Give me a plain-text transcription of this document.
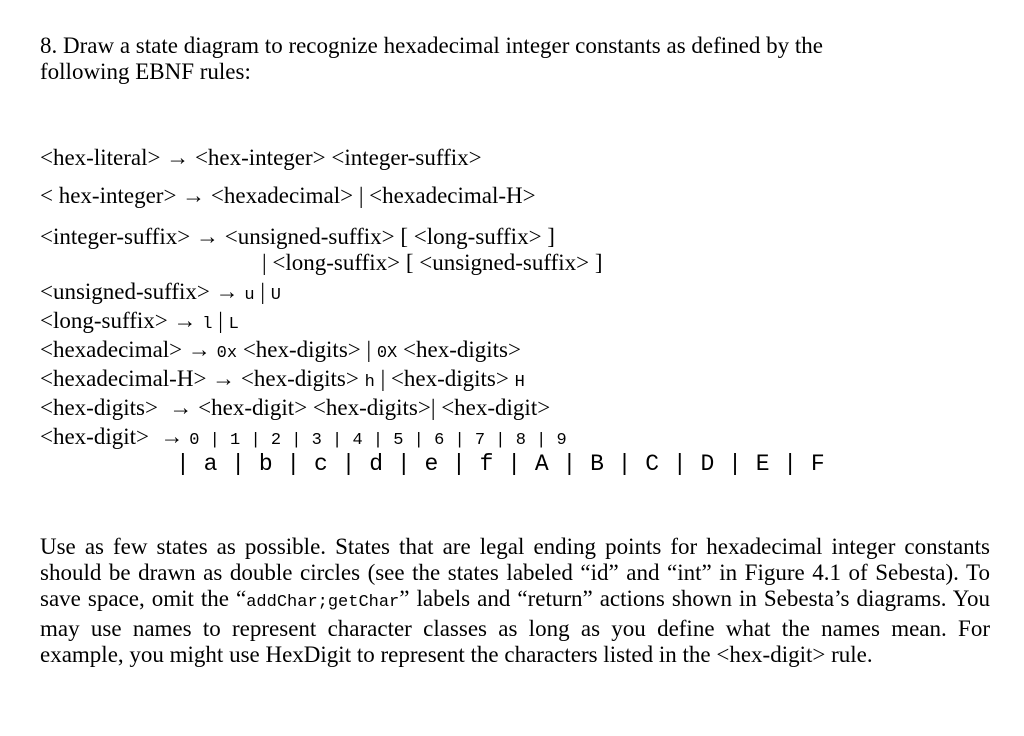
8. Draw a state diagram to recognize hexadecimal integer constants as defined by the
following EBNF rules:
<hex-literal> → <hex-integer> <integer-suffix>
< hex-integer> → <hexadecimal> | <hexadecimal-H>
<integer-suffix> → <unsigned-suffix> [ <long-suffix> ]
| <long-suffix> [ <unsigned-suffix> ]
<unsigned-suffix> → u | U
<long-suffix> → l | L
<hexadecimal> → 0x <hex-digits> | 0X <hex-digits>
<hexadecimal-H> → <hex-digits> h | <hex-digits> H
<hex-digits>  → <hex-digit> <hex-digits>| <hex-digit>
<hex-digit>  → 0 | 1 | 2 | 3 | 4 | 5 | 6 | 7 | 8 | 9
| a | b | c | d | e | f | A | B | C | D | E | F
Use as few states as possible. States that are legal ending points for hexadecimal integer constants should be drawn as double circles (see the states labeled “id” and “int” in Figure 4.1 of Sebesta). To save space, omit the “addChar;getChar” labels and “return” actions shown in Sebesta’s diagrams. You may use names to represent character classes as long as you define what the names mean. For example, you might use HexDigit to represent the characters listed in the <hex-digit> rule.
